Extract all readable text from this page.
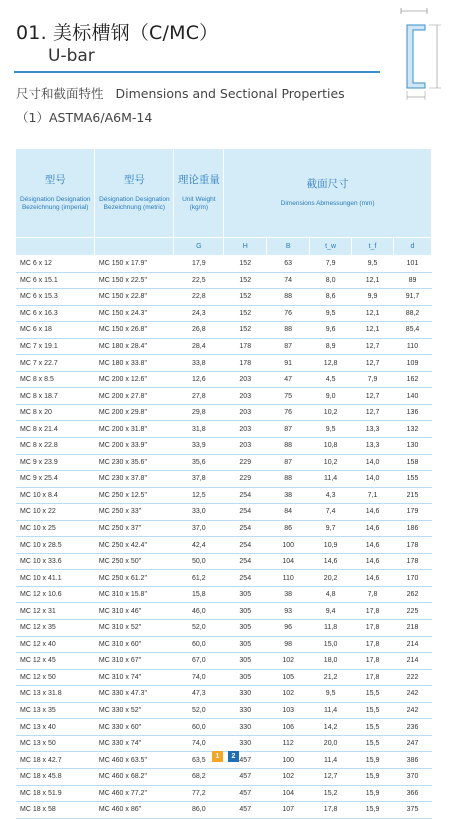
01. 美标槽钢（C/MC）
U-bar
尺寸和截面特性 Dimensions and Sectional Properties
（1）ASTMA6/A6M-14
型号
Désignation Designation Bezeichnung (imperial)	型号
Désignation Designation Bezeichnung (metric)	理论重量
Unit Weight (kg/m)	截面尺寸
Dimensions Abmessungen (mm)				

		G	H	B	t_w	t_f	d
MC 6 x 12	MC 150 x 17.9"	17,9	152	63	7,9	9,5	101
MC 6 x 15.1	MC 150 x 22.5"	22,5	152	74	8,0	12,1	89
MC 6 x 15.3	MC 150 x 22.8"	22,8	152	88	8,6	9,9	91,7
MC 6 x 16.3	MC 150 x 24.3"	24,3	152	76	9,5	12,1	88,2
MC 6 x 18	MC 150 x 26.8"	26,8	152	88	9,6	12,1	85,4
MC 7 x 19.1	MC 180 x 28.4"	28,4	178	87	8,9	12,7	110
MC 7 x 22.7	MC 180 x 33.8"	33,8	178	91	12,8	12,7	109
MC 8 x 8.5	MC 200 x 12.6"	12,6	203	47	4,5	7,9	162
MC 8 x 18.7	MC 200 x 27.8"	27,8	203	75	9,0	12,7	140
MC 8 x 20	MC 200 x 29.8"	29,8	203	76	10,2	12,7	136
MC 8 x 21.4	MC 200 x 31.8"	31,8	203	87	9,5	13,3	132
MC 8 x 22.8	MC 200 x 33.9"	33,9	203	88	10,8	13,3	130
MC 9 x 23.9	MC 230 x 35.6"	35,6	229	87	10,2	14,0	158
MC 9 x 25.4	MC 230 x 37.8"	37,8	229	88	11,4	14,0	155
MC 10 x 8.4	MC 250 x 12.5"	12,5	254	38	4,3	7,1	215
MC 10 x 22	MC 250 x 33"	33,0	254	84	7,4	14,6	179
MC 10 x 25	MC 250 x 37"	37,0	254	86	9,7	14,6	186
MC 10 x 28.5	MC 250 x 42.4"	42,4	254	100	10,9	14,6	178
MC 10 x 33.6	MC 250 x 50"	50,0	254	104	14,6	14,6	178
MC 10 x 41.1	MC 250 x 61.2"	61,2	254	110	20,2	14,6	170
MC 12 x 10.6	MC 310 x 15.8"	15,8	305	38	4,8	7,8	262
MC 12 x 31	MC 310 x 46"	46,0	305	93	9,4	17,8	225
MC 12 x 35	MC 310 x 52"	52,0	305	96	11,8	17,8	218
MC 12 x 40	MC 310 x 60"	60,0	305	98	15,0	17,8	214
MC 12 x 45	MC 310 x 67"	67,0	305	102	18,0	17,8	214
MC 12 x 50	MC 310 x 74"	74,0	305	105	21,2	17,8	222
MC 13 x 31.8	MC 330 x 47.3"	47,3	330	102	9,5	15,5	242
MC 13 x 35	MC 330 x 52"	52,0	330	103	11,4	15,5	242
MC 13 x 40	MC 330 x 60"	60,0	330	106	14,2	15,5	236
MC 13 x 50	MC 330 x 74"	74,0	330	112	20,0	15,5	247
MC 18 x 42.7	MC 460 x 63.5"	63,5	457	100	11,4	15,9	386
MC 18 x 45.8	MC 460 x 68.2"	68,2	457	102	12,7	15,9	370
MC 18 x 51.9	MC 460 x 77.2"	77,2	457	104	15,2	15,9	366
MC 18 x 58	MC 460 x 86"	86,0	457	107	17,8	15,9	375
1	2
